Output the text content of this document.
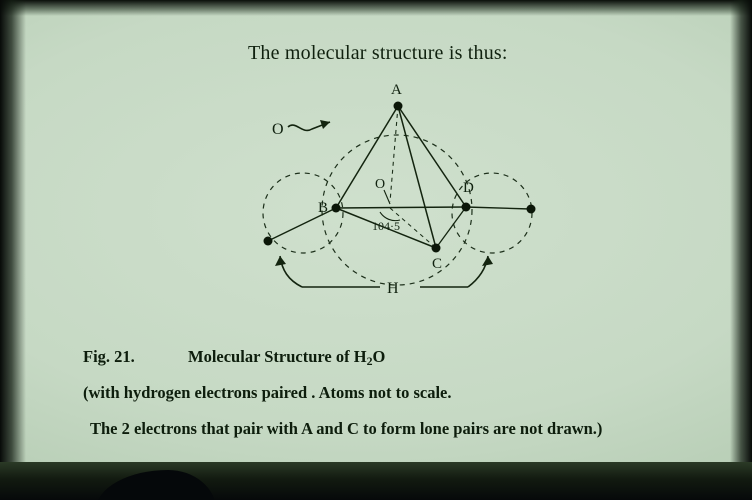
The molecular structure is thus:
A
B
C
D
O
O
104·5
H
Fig. 21.	Molecular Structure of $H_2O$
(with hydrogen electrons paired . Atoms not to scale.
The 2 electrons that pair with A and C to form lone pairs are not drawn.)
